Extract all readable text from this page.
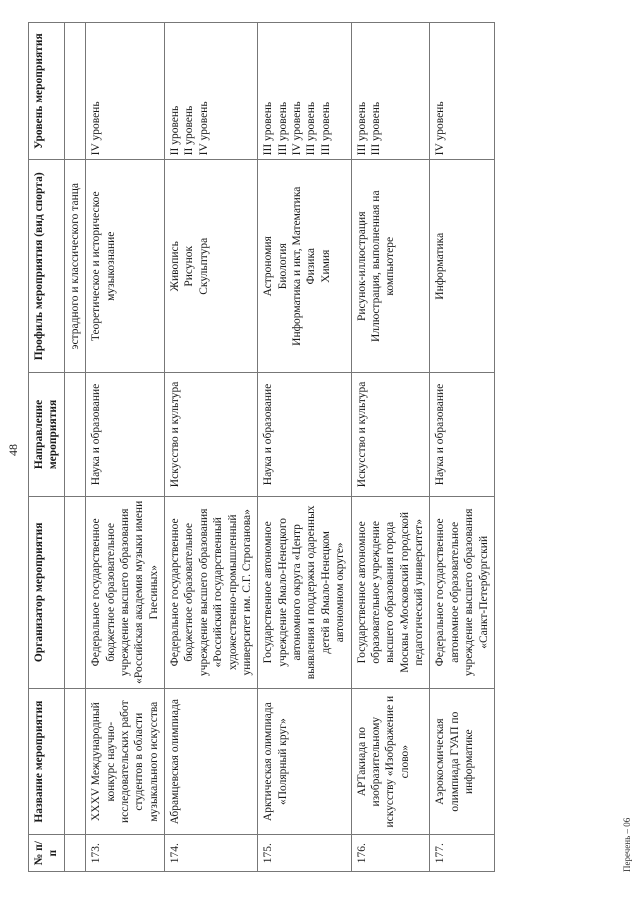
48
№ п/п	Название мероприятия	Организатор мероприятия	Направление мероприятия	Профиль мероприятия (вид спорта)	Уровень мероприятия
				эстрадного и классического танца	
173.	XXXV Международный конкурс научно-исследовательских работ студентов в области музыкального искусства	Федеральное государственное бюджетное образовательное учреждение высшего образования «Российская академия музыки имени Гнесиных»	Наука и образование	Теоретическое и историческое музыкознание	IV уровень

174.	Абрамцевская олимпиада	Федеральное государственное бюджетное образовательное учреждение высшего образования «Российский государственный художественно-промышленный университет им. С.Г. Строганова»	Искусство и культура	Живопись Рисунок Скульптура	II уровень II уровень IV уровень

175.	Арктическая олимпиада «Полярный круг»	Государственное автономное учреждение Ямало-Ненецкого автономного округа «Центр выявления и поддержки одаренных детей в Ямало-Ненецком автономном округе»	Наука и образование	Астрономия Биология Информатика и икт, Математика Физика Химия	III уровень III уровень IV уровень III уровень III уровень

176.	АРТакиада по изобразительному искусству «Изображение и слово»	Государственное автономное образовательное учреждение высшего образования города Москвы «Московский городской педагогический университет»	Искусство и культура	Рисунок-иллюстрация Иллюстрация, выполненная на компьютере	III уровень III уровень

177.	Аэрокосмическая олимпиада ГУАП по информатике	Федеральное государственное автономное образовательное учреждение высшего образования «Санкт-Петербургский	Наука и образование	Информатика	IV уровень
Перечень – 06
